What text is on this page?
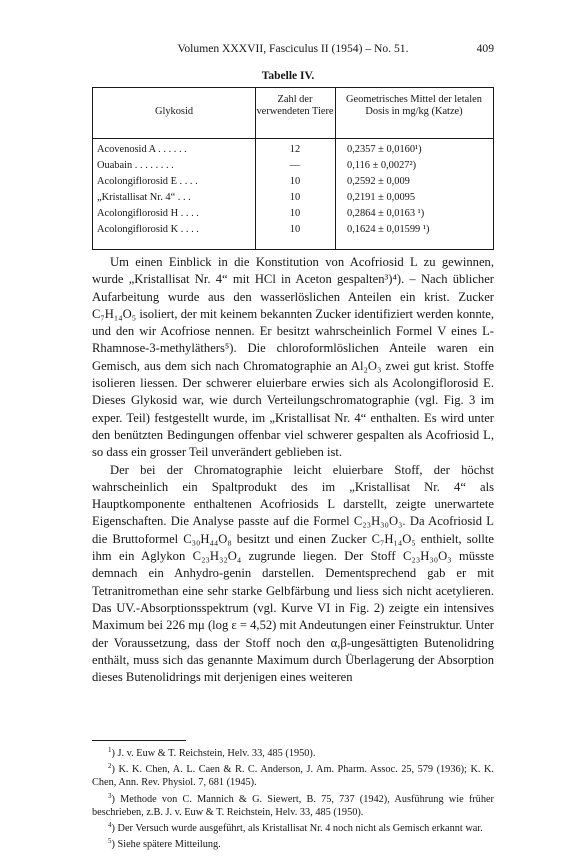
Volumen XXXVII, Fasciculus II (1954) – No. 51.	409
Tabelle IV.
Glykosid
Zahl der verwendeten Tiere
Geometrisches Mittel der letalen Dosis in mg/kg (Katze)
Acovenosid A . . . . . .	12	0,2357 ± 0,0160¹)
Ouabain . . . . . . . .	—	0,116 ± 0,0027²)
Acolongiflorosid E . . . .	10	0,2592 ± 0,009
„Kristallisat Nr. 4“ . . .	10	0,2191 ± 0,0095
Acolongiflorosid H . . . .	10	0,2864 ± 0,0163 ¹)
Acolongiflorosid K . . . .	10	0,1624 ± 0,01599 ¹)

Um einen Einblick in die Konstitution von Acofriosid L zu gewinnen, wurde „Kristallisat Nr. 4“ mit HCl in Aceton gespalten³)⁴). – Nach üblicher Aufarbeitung wurde aus den wasserlöslichen Anteilen ein krist. Zucker C₇H₁₄O₅ isoliert, der mit keinem bekannten Zucker identifiziert werden konnte, und den wir Acofriose nennen. Er besitzt wahrscheinlich Formel V eines L-Rhamnose-3-methyläthers⁵). Die chloroformlöslichen Anteile waren ein Gemisch, aus dem sich nach Chromatographie an Al₂O₃ zwei gut krist. Stoffe isolieren liessen. Der schwerer eluierbare erwies sich als Acolongiflorosid E. Dieses Glykosid war, wie durch Verteilungschromatographie (vgl. Fig. 3 im exper. Teil) festgestellt wurde, im „Kristallisat Nr. 4“ enthalten. Es wird unter den benützten Bedingungen offenbar viel schwerer gespalten als Acofriosid L, so dass ein grosser Teil unverändert geblieben ist.

Der bei der Chromatographie leicht eluierbare Stoff, der höchst wahrscheinlich ein Spaltprodukt des im „Kristallisat Nr. 4“ als Hauptkomponente enthaltenen Acofriosids L darstellt, zeigte unerwartete Eigenschaften. Die Analyse passte auf die Formel C₂₃H₃₀O₃. Da Acofriosid L die Bruttoformel C₃₀H₄₄O₈ besitzt und einen Zucker C₇H₁₄O₅ enthielt, sollte ihm ein Aglykon C₂₃H₃₂O₄ zugrunde liegen. Der Stoff C₂₃H₃₀O₃ müsste demnach ein Anhydro-genin darstellen. Dementsprechend gab er mit Tetranitromethan eine sehr starke Gelbfärbung und liess sich nicht acetylieren. Das UV.-Absorptionsspektrum (vgl. Kurve VI in Fig. 2) zeigte ein intensives Maximum bei 226 mμ (log ε = 4,52) mit Andeutungen einer Feinstruktur. Unter der Voraussetzung, dass der Stoff noch den α,β-ungesättigten Butenolidring enthält, muss sich das genannte Maximum durch Überlagerung der Absorption dieses Butenolidrings mit derjenigen eines weiteren

$^1$) J. v. Euw & T. Reichstein, Helv. 33, 485 (1950).

$^2$) K. K. Chen, A. L. Caen & R. C. Anderson, J. Am. Pharm. Assoc. 25, 579 (1936); K. K. Chen, Ann. Rev. Physiol. 7, 681 (1945).

$^3$) Methode von C. Mannich & G. Siewert, B. 75, 737 (1942), Ausführung wie früher beschrieben, z.B. J. v. Euw & T. Reichstein, Helv. 33, 485 (1950).

$^4$) Der Versuch wurde ausgeführt, als Kristallisat Nr. 4 noch nicht als Gemisch erkannt war.

$^5$) Siehe spätere Mitteilung.
